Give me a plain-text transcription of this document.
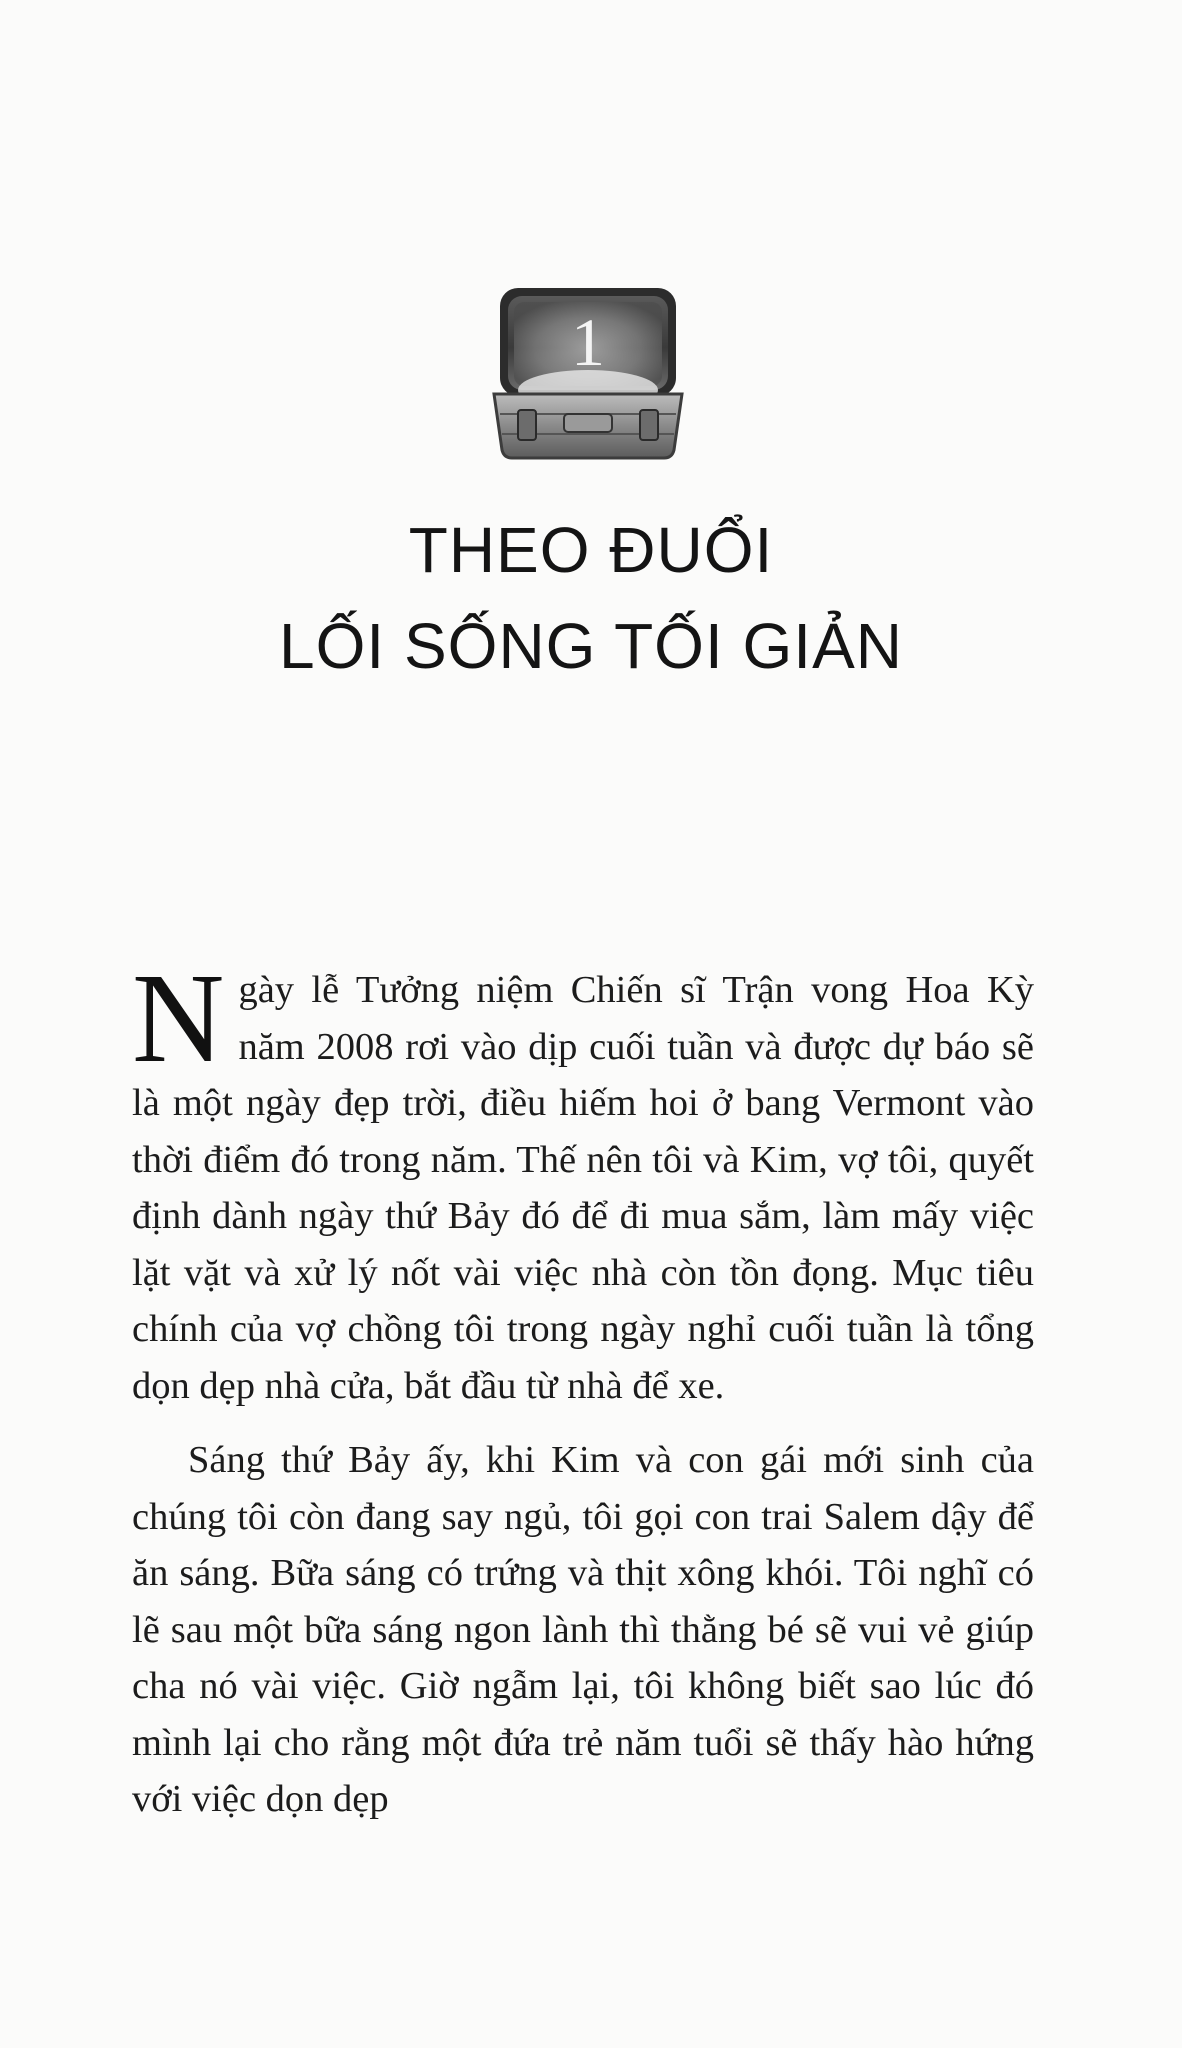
1
THEO ĐUỔI
LỐI SỐNG TỐI GIẢN

Ngày lễ Tưởng niệm Chiến sĩ Trận vong Hoa Kỳ năm 2008 rơi vào dịp cuối tuần và được dự báo sẽ là một ngày đẹp trời, điều hiếm hoi ở bang Vermont vào thời điểm đó trong năm. Thế nên tôi và Kim, vợ tôi, quyết định dành ngày thứ Bảy đó để đi mua sắm, làm mấy việc lặt vặt và xử lý nốt vài việc nhà còn tồn đọng. Mục tiêu chính của vợ chồng tôi trong ngày nghỉ cuối tuần là tổng dọn dẹp nhà cửa, bắt đầu từ nhà để xe.

Sáng thứ Bảy ấy, khi Kim và con gái mới sinh của chúng tôi còn đang say ngủ, tôi gọi con trai Salem dậy để ăn sáng. Bữa sáng có trứng và thịt xông khói. Tôi nghĩ có lẽ sau một bữa sáng ngon lành thì thằng bé sẽ vui vẻ giúp cha nó vài việc. Giờ ngẫm lại, tôi không biết sao lúc đó mình lại cho rằng một đứa trẻ năm tuổi sẽ thấy hào hứng với việc dọn dẹp
